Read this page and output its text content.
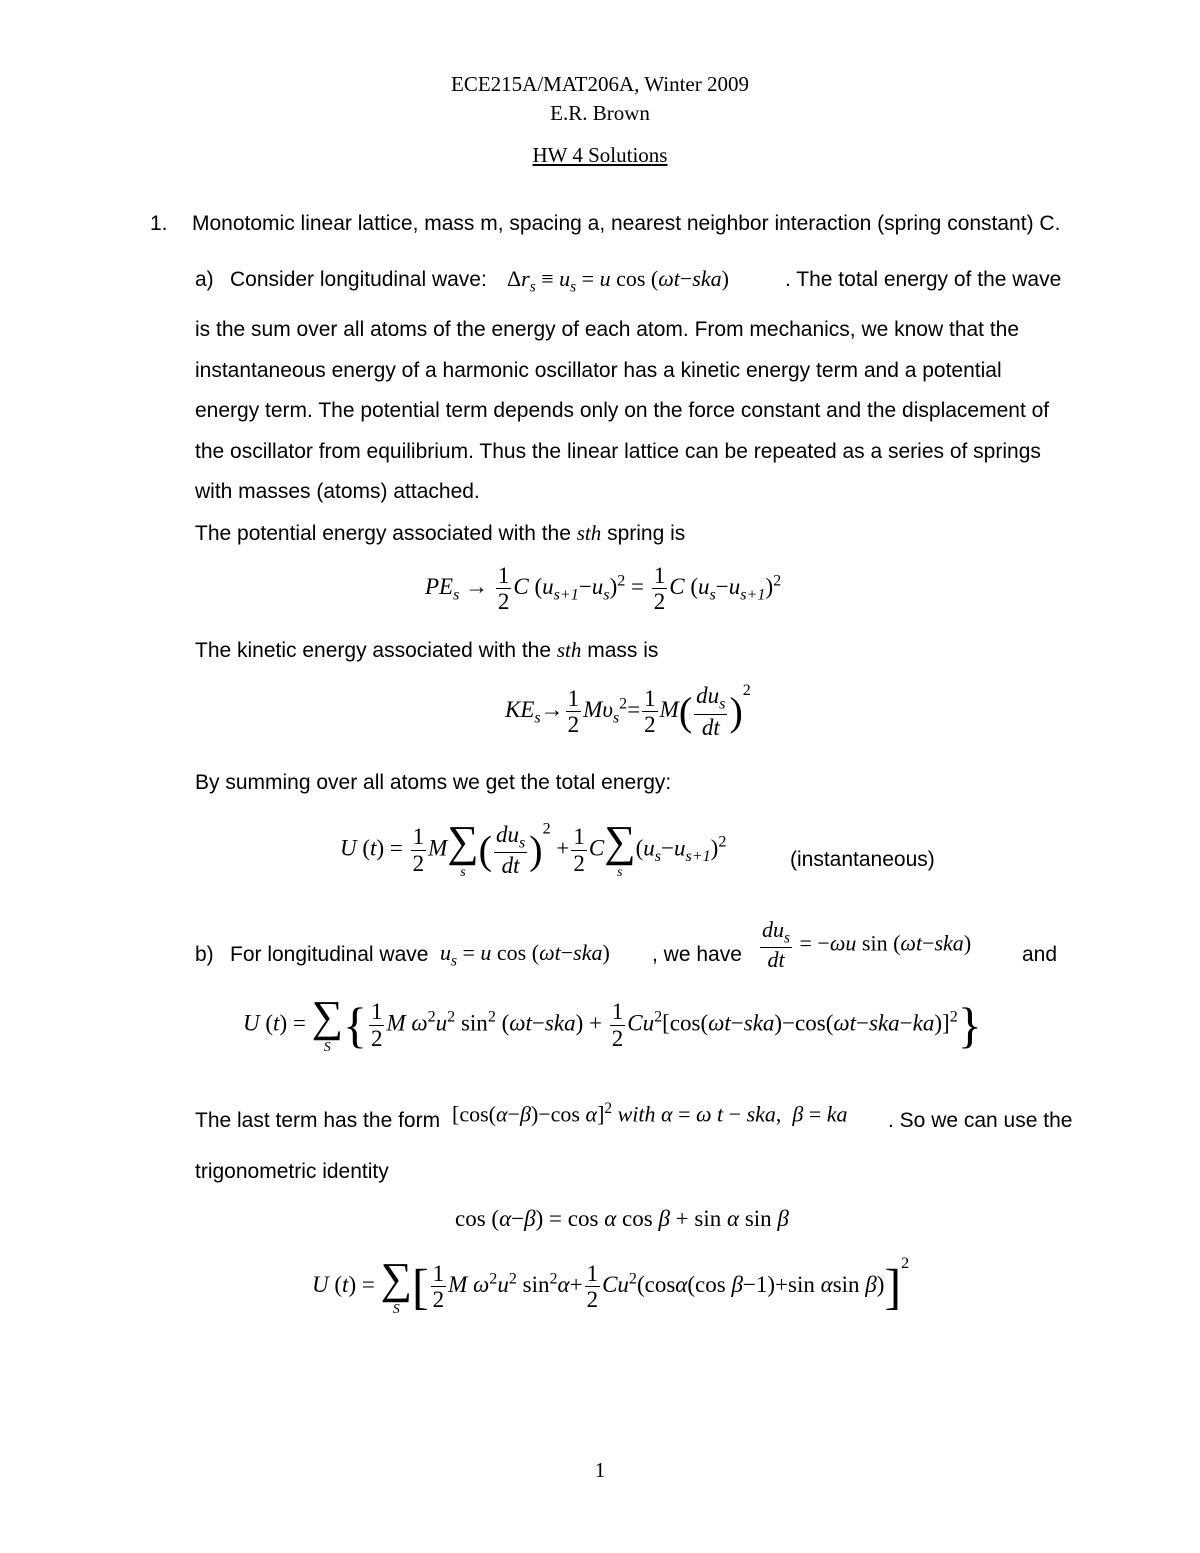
ECE215A/MAT206A, Winter 2009
E.R. Brown
HW 4 Solutions
1. Monotomic linear lattice, mass m, spacing a, nearest neighbor interaction (spring constant) C.
a) Consider longitudinal wave: $\Delta r_s \equiv u_s = u$ cos (ωt−ska)	. The total energy of the wave
is the sum over all atoms of the energy of each atom. From mechanics, we know that the
instantaneous energy of a harmonic oscillator has a kinetic energy term and a potential
energy term. The potential term depends only on the force constant and the displacement of
the oscillator from equilibrium. Thus the linear lattice can be repeated as a series of springs
with masses (atoms) attached.
The potential energy associated with the sth spring is
$PE_s \to \frac{1}{2}$ C $(u_{s+1}-u_s)^2 = \frac{1}{2}$ C $(u_s-u_{s+1})^2$
The kinetic energy associated with the sth mass is
$KE_s\to \frac{1}{2} M\upsilon_s^2= \frac{1}{2} M( \frac{du_s}{dt} )^2$
By summing over all atoms we get the total energy:
U $(t) = \frac{1}{2}$ M ∑
s ( $\frac{du_s}{dt} )^2 + \frac{1}{2}$ C ∑
s
$(u_s-u_{s+1})^2$
(instantaneous)
b) For longitudinal wave $u_s = u$ cos (ωt−ska) , we have $\frac{du_s}{dt} = -\omega u$ sin (ωt−ska) and
U (t) = ∑
S { $\frac{1}{2}$ M $\omega^2u^2$ $\sin^2 (\omega t-ska) + \frac{1}{2} Cu^2[\cos(\omega t-ska)-\cos(\omega t-ska-ka)]^2$}
The last term has the form [cos(α−β)−cos α]$^2$ with α = ω t − ska,  β = ka . So we can use the
trigonometric identity
cos (α−β) = cos α cos β + sin α sin β
U (t) = ∑
S [ $\frac{1}{2}$ M $\omega^2u^2$ $\sin^2\alpha+ \frac{1}{2} Cu^2(\cos\alpha(\cos$ β−1)+sin αsin β)]$^2$
1
